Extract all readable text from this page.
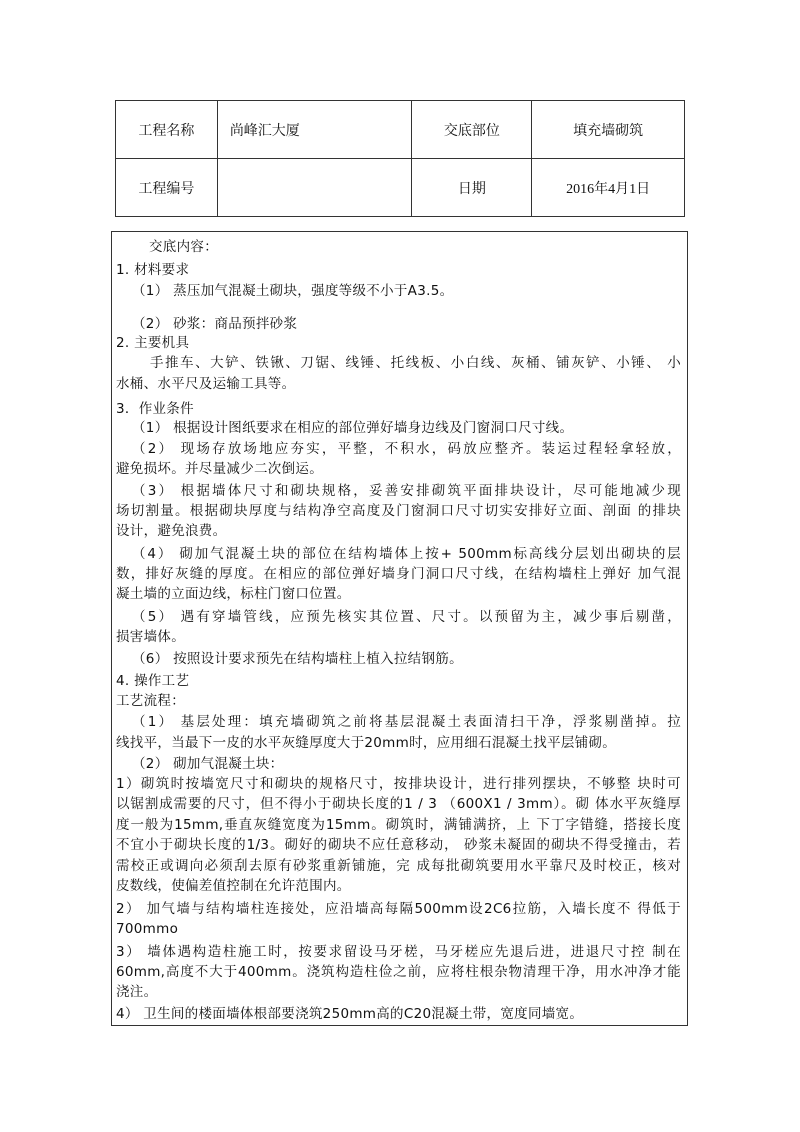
工程名称	尚峰汇大厦	交底部位	填充墙砌筑
工程编号		日期	2016年4月1日
交底内容：
1. 材料要求
（1） 蒸压加气混凝土砌块，强度等级不小于A3.5。
（2） 砂浆：商品预拌砂浆
2. 主要机具
手推车、大铲、铁锹、刀锯、线锤、托线板、小白线、灰桶、铺灰铲、小锤、 小
水桶、水平尺及运输工具等。
3．作业条件
（1） 根据设计图纸要求在相应的部位弹好墙身边线及门窗洞口尺寸线。
（2） 现场存放场地应夯实，平整，不积水，码放应整齐。装运过程轻拿轻放，
避免损坏。并尽量减少二次倒运。
（3） 根据墙体尺寸和砌块规格，妥善安排砌筑平面排块设计，尽可能地减少现
场切割量。根据砌块厚度与结构净空高度及门窗洞口尺寸切实安排好立面、剖面 的排块
设计，避免浪费。
（4） 砌加气混凝土块的部位在结构墙体上按+ 500mm标高线分层划出砌块的层
数，排好灰缝的厚度。在相应的部位弹好墙身门洞口尺寸线，在结构墙柱上弹好 加气混
凝土墙的立面边线，标柱门窗口位置。
（5） 遇有穿墙管线，应预先核实其位置、尺寸。以预留为主，减少事后剔凿，
损害墙体。
（6） 按照设计要求预先在结构墙柱上植入拉结钢筋。
4. 操作工艺
工艺流程：
（1） 基层处理：填充墙砌筑之前将基层混凝土表面清扫干净，浮浆剔凿掉。拉
线找平，当最下一皮的水平灰缝厚度大于20mm时，应用细石混凝土找平层铺砌。
（2） 砌加气混凝土块：
1）砌筑时按墙宽尺寸和砌块的规格尺寸，按排块设计，进行排列摆块，不够整 块时可
以锯割成需要的尺寸，但不得小于砌块长度的1 / 3 （600X1 / 3mm）。砌 体水平灰缝厚
度一般为15mm,垂直灰缝宽度为15mm。砌筑时，满铺满挤，上 下丁字错缝，搭接长度
不宜小于砌块长度的1/3。砌好的砌块不应任意移动， 砂浆未凝固的砌块不得受撞击，若
需校正或调向必须刮去原有砂浆重新铺施，完 成每批砌筑要用水平靠尺及时校正，核对
皮数线，使偏差值控制在允许范围内。
2） 加气墙与结构墙柱连接处，应沿墙高每隔500mm设2C6拉筋，入墙长度不 得低于
700mmo
3） 墙体遇构造柱施工时，按要求留设马牙槎，马牙槎应先退后进，进退尺寸控 制在
60mm,高度不大于400mm。浇筑构造柱俭之前，应将柱根杂物清理干净，用水冲净才能
浇注。
4） 卫生间的楼面墙体根部要浇筑250mm高的C20混凝土带，宽度同墙宽。
